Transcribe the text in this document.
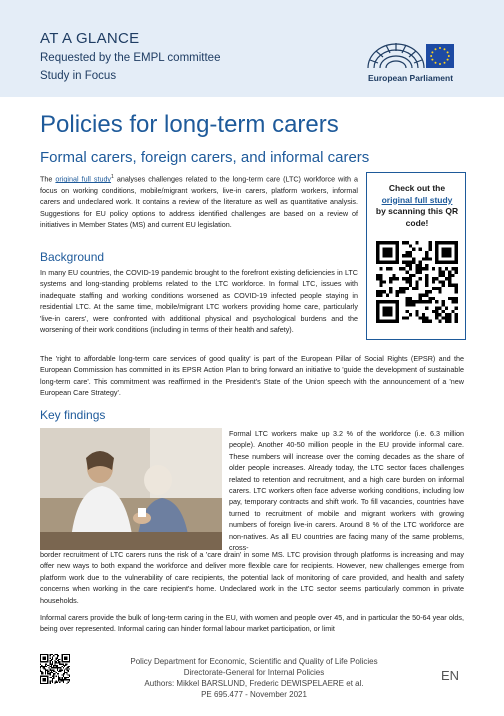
AT A GLANCE
Requested by the EMPL committee
Study in Focus	European Parliament
Policies for long-term carers
Formal carers, foreign carers, and informal carers
The original full study$^1$ analyses challenges related to the long-term care (LTC) workforce with a focus on working conditions, mobile/migrant workers, live-in carers, platform workers, informal carers and undeclared work. It contains a review of the literature as well as quantitative analysis. Suggestions for EU policy options to address identified challenges are based on a review of initiatives in Member States (MS) and current EU legislation.
Check out the
original full study
by scanning this QR code!
Background
In many EU countries, the COVID-19 pandemic brought to the forefront existing deficiencies in LTC systems and long-standing problems related to the LTC workforce. In formal LTC, issues with inadequate staffing and working conditions worsened as COVID-19 infected people staying in residential LTC. At the same time, mobile/migrant LTC workers providing home care, particularly 'live-in carers', were confronted with additional physical and psychological burdens and the worsening of their work conditions (including in terms of their health and safety).
The 'right to affordable long-term care services of good quality' is part of the European Pillar of Social Rights (EPSR) and the European Commission has committed in its EPSR Action Plan to bring forward an initiative to 'guide the development of sustainable long-term care'. This commitment was reaffirmed in the President's State of the Union speech with the announcement of a 'new European Care Strategy'.
Key findings
Formal LTC workers make up 3.2 % of the workforce (i.e. 6.3 million people). Another 40-50 million people in the EU provide informal care. These numbers will increase over the coming decades as the share of older people increases. Already today, the LTC sector faces challenges related to retention and recruitment, and a high care burden on informal carers. LTC workers often face adverse working conditions, including low pay, temporary contracts and shift work. To fill vacancies, countries have turned to recruitment of mobile and migrant workers with growing numbers of foreign live-in carers. Around 8 % of the LTC workforce are non-natives. As all EU countries are facing many of the same problems, cross-
border recruitment of LTC carers runs the risk of a 'care drain' in some MS. LTC provision through platforms is increasing and may offer new ways to both expand the workforce and deliver more flexible care for recipients. However, new challenges emerge from platform work due to the vulnerability of care recipients, the potential lack of monitoring of care provided, and health and safety concerns when working in the care recipient's home. Undeclared work in the LTC sector seems particularly common in private households.
Informal carers provide the bulk of long-term caring in the EU, with women and people over 45, and in particular the 50-64 year olds, being over represented. Informal caring can hinder formal labour market participation, or limit
Policy Department for Economic, Scientific and Quality of Life Policies
Directorate-General for Internal Policies
Authors: Mikkel BARSLUND, Frederic DEWISPELAERE et al.
PE 695.477 - November 2021
EN
